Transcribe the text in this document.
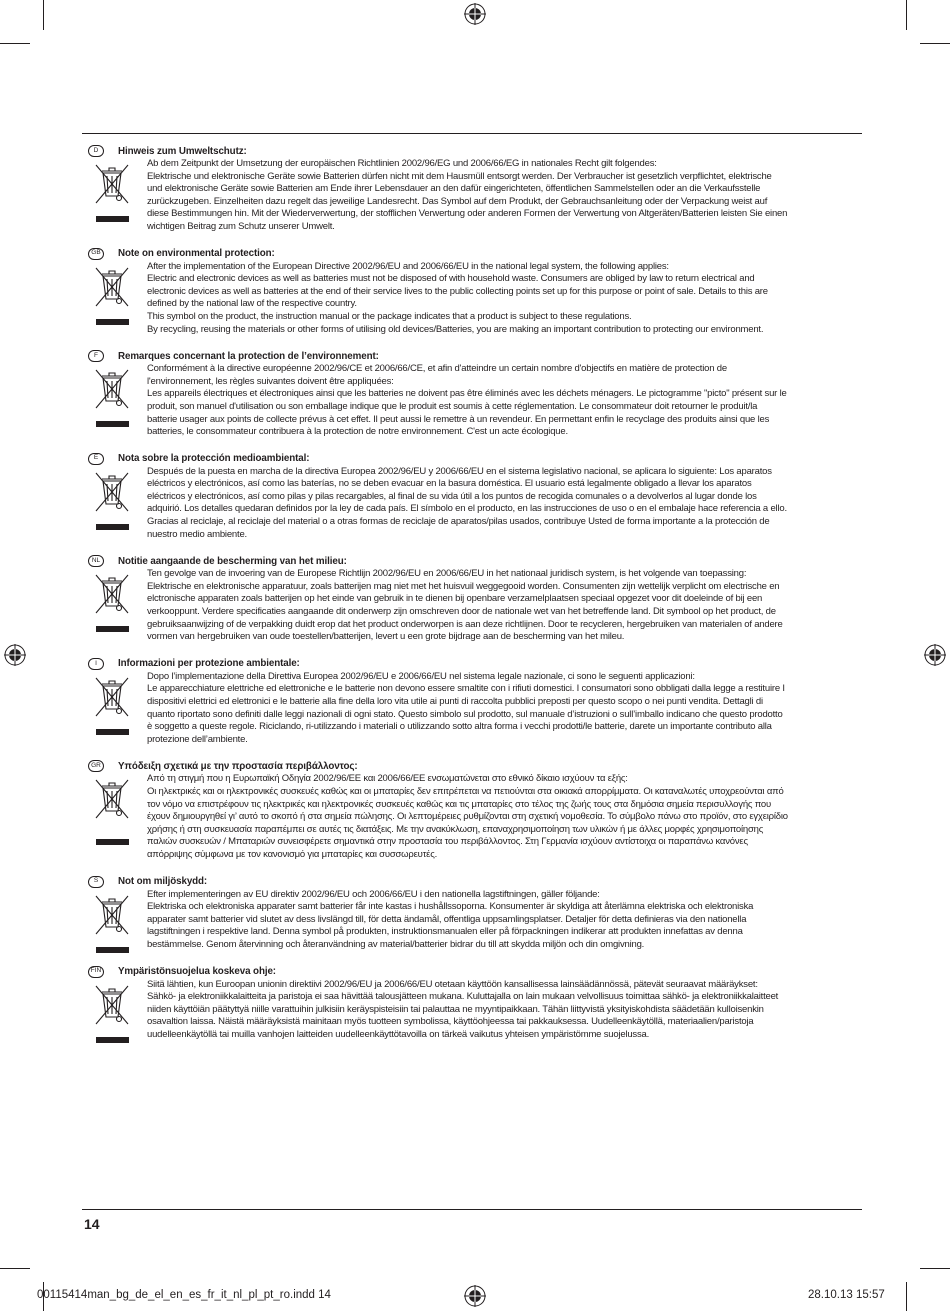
D	Hinweis zum Umweltschutz:

Ab dem Zeitpunkt der Umsetzung der europäischen Richtlinien 2002/96/EG und 2006/66/EG in nationales Recht gilt folgendes:

Elektrische und elektronische Geräte sowie Batterien dürfen nicht mit dem Hausmüll entsorgt werden. Der Verbraucher ist gesetzlich verpflichtet, elektrische und elektronische Geräte sowie Batterien am Ende ihrer Lebensdauer an den dafür eingerichteten, öffentlichen Sammelstellen oder an die Verkaufsstelle zurückzugeben. Einzelheiten dazu regelt das jeweilige Landesrecht. Das Symbol auf dem Produkt, der Gebrauchsanleitung oder der Verpackung weist auf diese Bestimmungen hin. Mit der Wiederverwertung, der stofflichen Verwertung oder anderen Formen der Verwertung von Altgeräten/Batterien leisten Sie einen wichtigen Beitrag zum Schutz unserer Umwelt.

GB	Note on environmental protection:

After the implementation of the European Directive 2002/96/EU and 2006/66/EU in the national legal system, the following applies:

Electric and electronic devices as well as batteries must not be disposed of with household waste. Consumers are obliged by law to return electrical and electronic devices as well as batteries at the end of their service lives to the public collecting points set up for this purpose or point of sale. Details to this are defined by the national law of the respective country.

This symbol on the product, the instruction manual or the package indicates that a product is subject to these regulations.

By recycling, reusing the materials or other forms of utilising old devices/Batteries, you are making an important contribution to protecting our environment.

F	Remarques concernant la protection de l’environnement:

Conformément à la directive européenne 2002/96/CE et 2006/66/CE, et afin d'atteindre un certain nombre d'objectifs en matière de protection de l'environnement, les règles suivantes doivent être appliquées:

Les appareils électriques et électroniques ainsi que les batteries ne doivent pas être éliminés avec les déchets ménagers. Le pictogramme "picto" présent sur le produit, son manuel d'utilisation ou son emballage indique que le produit est soumis à cette réglementation. Le consommateur doit retourner le produit/la batterie usager aux points de collecte prévus à cet effet. Il peut aussi le remettre à un revendeur. En permettant enfin le recyclage des produits ainsi que les batteries, le consommateur contribuera à la protection de notre environnement. C'est un acte écologique.

E	Nota sobre la protección medioambiental:

Después de la puesta en marcha de la directiva Europea 2002/96/EU y 2006/66/EU en el sistema legislativo nacional, se aplicara lo siguiente: Los aparatos eléctricos y electrónicos, así como las baterías, no se deben evacuar en la basura doméstica. El usuario está legalmente obligado a llevar los aparatos eléctricos y electrónicos, así como pilas y pilas recargables, al final de su vida útil a los puntos de recogida comunales o a devolverlos al lugar donde los adquirió. Los detalles quedaran definidos por la ley de cada país. El símbolo en el producto, en las instrucciones de uso o en el embalaje hace referencia a ello. Gracias al reciclaje, al reciclaje del material o a otras formas de reciclaje de aparatos/pilas usados, contribuye Usted de forma importante a la protección de nuestro medio ambiente.

NL	Notitie aangaande de bescherming van het milieu:

Ten gevolge van de invoering van de Europese Richtlijn 2002/96/EU en 2006/66/EU in het nationaal juridisch system, is het volgende van toepassing:

Elektrische en elektronische apparatuur, zoals batterijen mag niet met het huisvuil weggegooid worden. Consumenten zijn wettelijk verplicht om electrische en elctronische apparaten zoals batterijen op het einde van gebruik in te dienen bij openbare verzamelplaatsen speciaal opgezet voor dit doeleinde of bij een verkooppunt. Verdere specificaties aangaande dit onderwerp zijn omschreven door de nationale wet van het betreffende land. Dit symbool op het product, de gebruiksaanwijzing of de verpakking duidt erop dat het product onderworpen is aan deze richtlijnen. Door te recycleren, hergebruiken van materialen of andere vormen van hergebruiken van oude toestellen/batterijen, levert u een grote bijdrage aan de bescherming van het mileu.

I	Informazioni per protezione ambientale:

Dopo l’implementazione della Direttiva Europea 2002/96/EU e 2006/66/EU nel sistema legale nazionale, ci sono le seguenti applicazioni:

Le apparecchiature elettriche ed elettroniche e le batterie non devono essere smaltite con i rifiuti domestici. I consumatori sono obbligati dalla legge a restituire I dispositivi elettrici ed elettronici e le batterie alla fine della loro vita utile ai punti di raccolta pubblici preposti per questo scopo o nei punti vendita. Dettagli di quanto riportato sono definiti dalle leggi nazionali di ogni stato. Questo simbolo sul prodotto, sul manuale d’istruzioni o sull’imballo indicano che questo prodotto è soggetto a queste regole. Riciclando, ri-utilizzando i materiali o utilizzando sotto altra forma i vecchi prodotti/le batterie, darete un importante contributo alla protezione dell’ambiente.

GR	Υπόδειξη σχετικά με την προστασία περιβάλλοντος:

Από τη στιγμή που η Ευρωπαϊκή Οδηγία 2002/96/ΕΕ και 2006/66/ΕΕ ενσωματώνεται στο εθνικό δίκαιο ισχύουν τα εξής:

Οι ηλεκτρικές και οι ηλεκτρονικές συσκευές καθώς και οι μπαταρίες δεν επιτρέπεται να πετιούνται στα οικιακά απορρίμματα. Οι καταναλωτές υποχρεούνται από τον νόμο να επιστρέφουν τις ηλεκτρικές και ηλεκτρονικές συσκευές καθώς και τις μπαταρίες στο τέλος της ζωής τους στα δημόσια σημεία περισυλλογής που έχουν δημιουργηθεί γι’ αυτό το σκοπό ή στα σημεία πώλησης. Οι λεπτομέρειες ρυθμίζονται στη σχετική νομοθεσία. Το σύμβολο πάνω στο προϊόν, στο εγχειρίδιο χρήσης ή στη συσκευασία παραπέμπει σε αυτές τις διατάξεις. Με την ανακύκλωση, επαναχρησιμοποίηση των υλικών ή με άλλες μορφές χρησιμοποίησης παλιών συσκευών / Μπαταριών συνεισφέρετε σημαντικά στην προστασία του περιβάλλοντος. Στη Γερμανία ισχύουν αντίστοιχα οι παραπάνω κανόνες απόρριψης σύμφωνα με τον κανονισμό για μπαταρίες και συσσωρευτές.

S	Not om miljöskydd:

Efter implementeringen av EU direktiv 2002/96/EU och 2006/66/EU i den nationella lagstiftningen, gäller följande:

Elektriska och elektroniska apparater samt batterier får inte kastas i hushållssoporna. Konsumenter är skyldiga att återlämna elektriska och elektroniska apparater samt batterier vid slutet av dess livslängd till, för detta ändamål, offentliga uppsamlingsplatser. Detaljer för detta definieras via den nationella lagstiftningen i respektive land. Denna symbol på produkten, instruktionsmanualen eller på förpackningen indikerar att produkten innefattas av denna bestämmelse. Genom återvinning och återanvändning av material/batterier bidrar du till att skydda miljön och din omgivning.

FIN Ympäristönsuojelua koskeva ohje:

Siitä lähtien, kun Euroopan unionin direktiivi 2002/96/EU ja 2006/66/EU otetaan käyttöön kansallisessa lainsäädännössä, pätevät seuraavat määräykset:

Sähkö- ja elektroniikkalaitteita ja paristoja ei saa hävittää talousjätteen mukana. Kuluttajalla on lain mukaan velvollisuus toimittaa sähkö- ja elektroniikkalaitteet niiden käyttöiän päätyttyä niille varattuihin julkisiin keräyspisteisiin tai palauttaa ne myyntipaikkaan. Tähän liittyvistä yksityiskohdista säädetään kulloisenkin osavaltion laissa. Näistä määräyksistä mainitaan myös tuotteen symbolissa, käyttöohjeessa tai pakkauksessa. Uudelleenkäytöllä, materiaalien/paristoja uudelleenkäytöllä tai muilla vanhojen laitteiden uudelleenkäyttötavoilla on tärkeä vaikutus yhteisen ympäristömme suojelussa.

14
00115414man_bg_de_el_en_es_fr_it_nl_pl_pt_ro.indd 14	28.10.13 15:57
